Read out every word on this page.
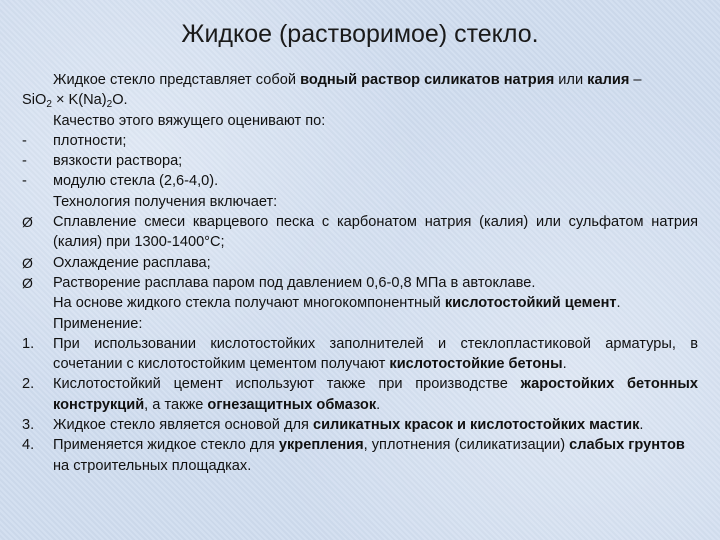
Жидкое (растворимое) стекло.

Жидкое стекло представляет собой водный раствор силикатов натрия или калия –

$SiO_2 \times K(Na)_2O$.

Качество этого вяжущего оценивают по:

-	плотности;
-	вязкости раствора;
-	модулю стекла (2,6-4,0).

Технология получения включает:

Ø	Сплавление смеси кварцевого песка с карбонатом натрия (калия) или сульфатом натрия (калия) при 1300-1400°С;
Ø	Охлаждение расплава;
Ø	Растворение расплава паром под давлением 0,6-0,8 МПа в автоклаве.

На основе жидкого стекла получают многокомпонентный кислотостойкий цемент.

Применение:

1.	При использовании кислотостойких заполнителей и стеклопластиковой арматуры, в сочетании с кислотостойким цементом получают кислотостойкие бетоны.
2.	Кислотостойкий цемент используют также при производстве жаростойких бетонных конструкций, а также огнезащитных обмазок.
3.	Жидкое стекло является основой для силикатных красок и кислотостойких мастик.
4.	Применяется жидкое стекло для укрепления, уплотнения (силикатизации) слабых грунтов на строительных площадках.
